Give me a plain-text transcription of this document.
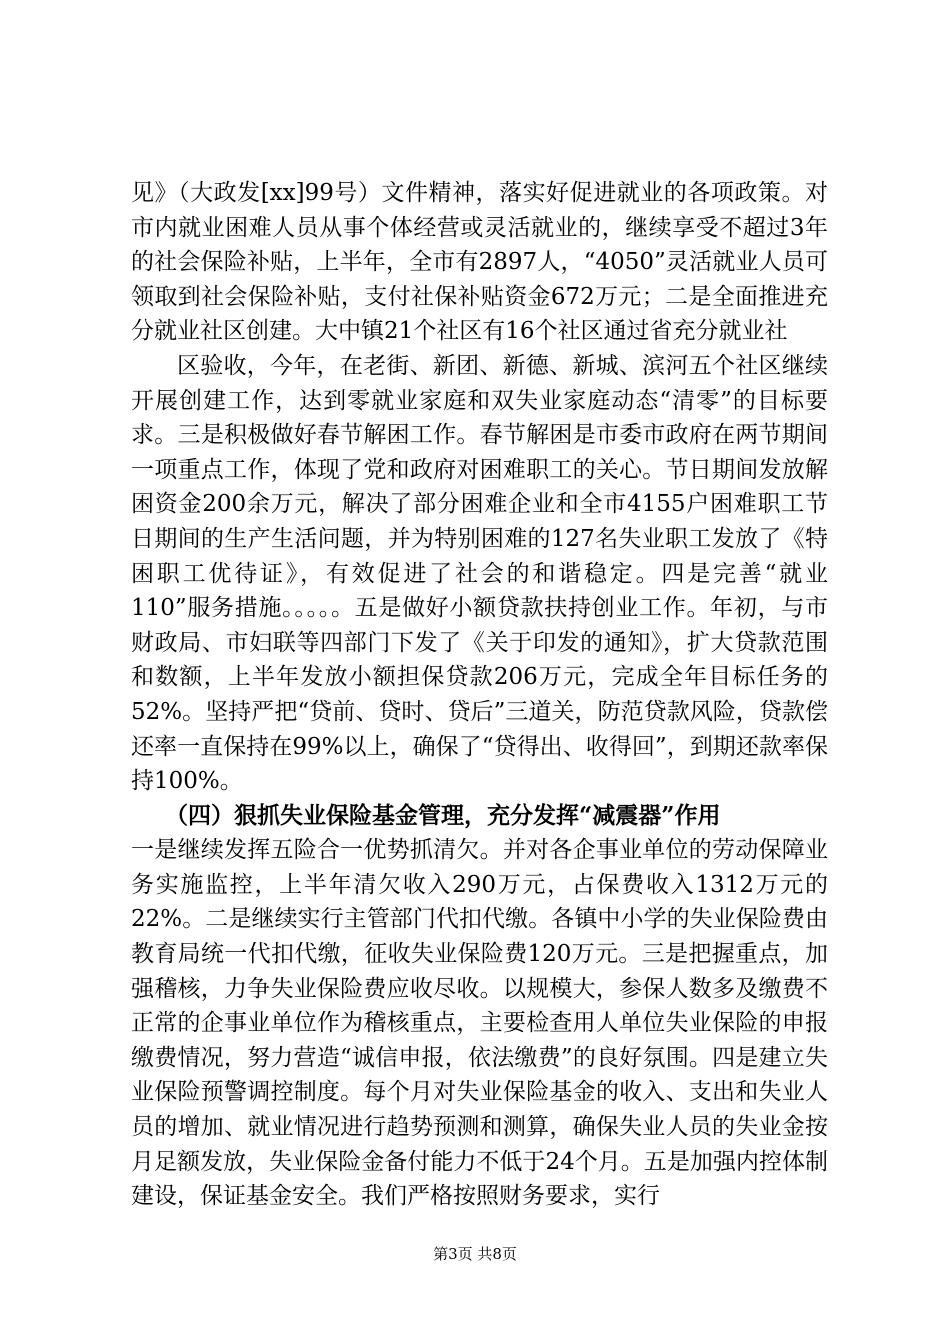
见》（大政发[xx]99号）文件精神，落实好促进就业的各项政策。对市内就业困难人员从事个体经营或灵活就业的，继续享受不超过3年的社会保险补贴，上半年，全市有2897人，“4050”灵活就业人员可领取到社会保险补贴，支付社保补贴资金672万元；二是全面推进充分就业社区创建。大中镇21个社区有16个社区通过省充分就业社

区验收，今年，在老街、新团、新德、新城、滨河五个社区继续开展创建工作，达到零就业家庭和双失业家庭动态“清零”的目标要求。三是积极做好春节解困工作。春节解困是市委市政府在两节期间一项重点工作，体现了党和政府对困难职工的关心。节日期间发放解困资金200余万元，解决了部分困难企业和全市4155户困难职工节日期间的生产生活问题，并为特别困难的127名失业职工发放了《特困职工优待证》，有效促进了社会的和谐稳定。四是完善“就业110”服务措施。。。。。五是做好小额贷款扶持创业工作。年初，与市财政局、市妇联等四部门下发了《关于印发的通知》，扩大贷款范围和数额，上半年发放小额担保贷款206万元，完成全年目标任务的52%。坚持严把“贷前、贷时、贷后”三道关，防范贷款风险，贷款偿还率一直保持在99%以上，确保了“贷得出、收得回”，到期还款率保持100%。

（四）狠抓失业保险基金管理，充分发挥“减震器”作用

一是继续发挥五险合一优势抓清欠。并对各企事业单位的劳动保障业务实施监控，上半年清欠收入290万元，占保费收入1312万元的22%。二是继续实行主管部门代扣代缴。各镇中小学的失业保险费由教育局统一代扣代缴，征收失业保险费120万元。三是把握重点，加强稽核，力争失业保险费应收尽收。以规模大，参保人数多及缴费不正常的企事业单位作为稽核重点，主要检查用人单位失业保险的申报缴费情况，努力营造“诚信申报，依法缴费”的良好氛围。四是建立失业保险预警调控制度。每个月对失业保险基金的收入、支出和失业人员的增加、就业情况进行趋势预测和测算，确保失业人员的失业金按月足额发放，失业保险金备付能力不低于24个月。五是加强内控体制建设，保证基金安全。我们严格按照财务要求，实行

第3页 共8页
